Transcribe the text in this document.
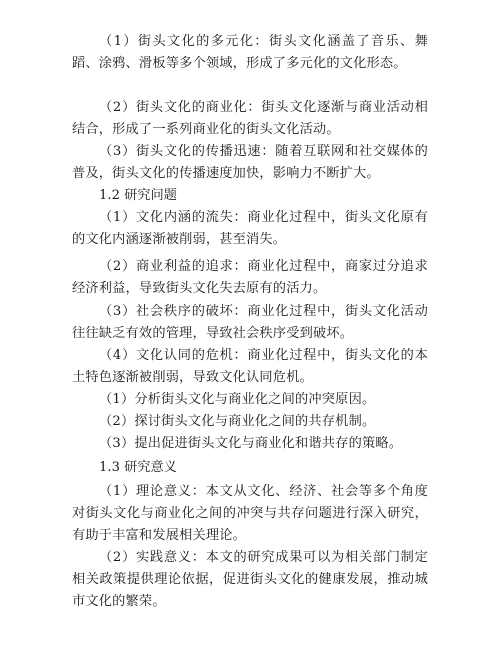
（1）街头文化的多元化：街头文化涵盖了音乐、舞蹈、涂鸦、滑板等多个领域，形成了多元化的文化形态。

（2）街头文化的商业化：街头文化逐渐与商业活动相结合，形成了一系列商业化的街头文化活动。

（3）街头文化的传播迅速：随着互联网和社交媒体的普及，街头文化的传播速度加快，影响力不断扩大。

1.2 研究问题

（1）文化内涵的流失：商业化过程中，街头文化原有的文化内涵逐渐被削弱，甚至消失。

（2）商业利益的追求：商业化过程中，商家过分追求经济利益，导致街头文化失去原有的活力。

（3）社会秩序的破坏：商业化过程中，街头文化活动往往缺乏有效的管理，导致社会秩序受到破坏。

（4）文化认同的危机：商业化过程中，街头文化的本土特色逐渐被削弱，导致文化认同危机。

（1）分析街头文化与商业化之间的冲突原因。

（2）探讨街头文化与商业化之间的共存机制。

（3）提出促进街头文化与商业化和谐共存的策略。

1.3 研究意义

（1）理论意义：本文从文化、经济、社会等多个角度对街头文化与商业化之间的冲突与共存问题进行深入研究，有助于丰富和发展相关理论。

（2）实践意义：本文的研究成果可以为相关部门制定相关政策提供理论依据，促进街头文化的健康发展，推动城市文化的繁荣。
